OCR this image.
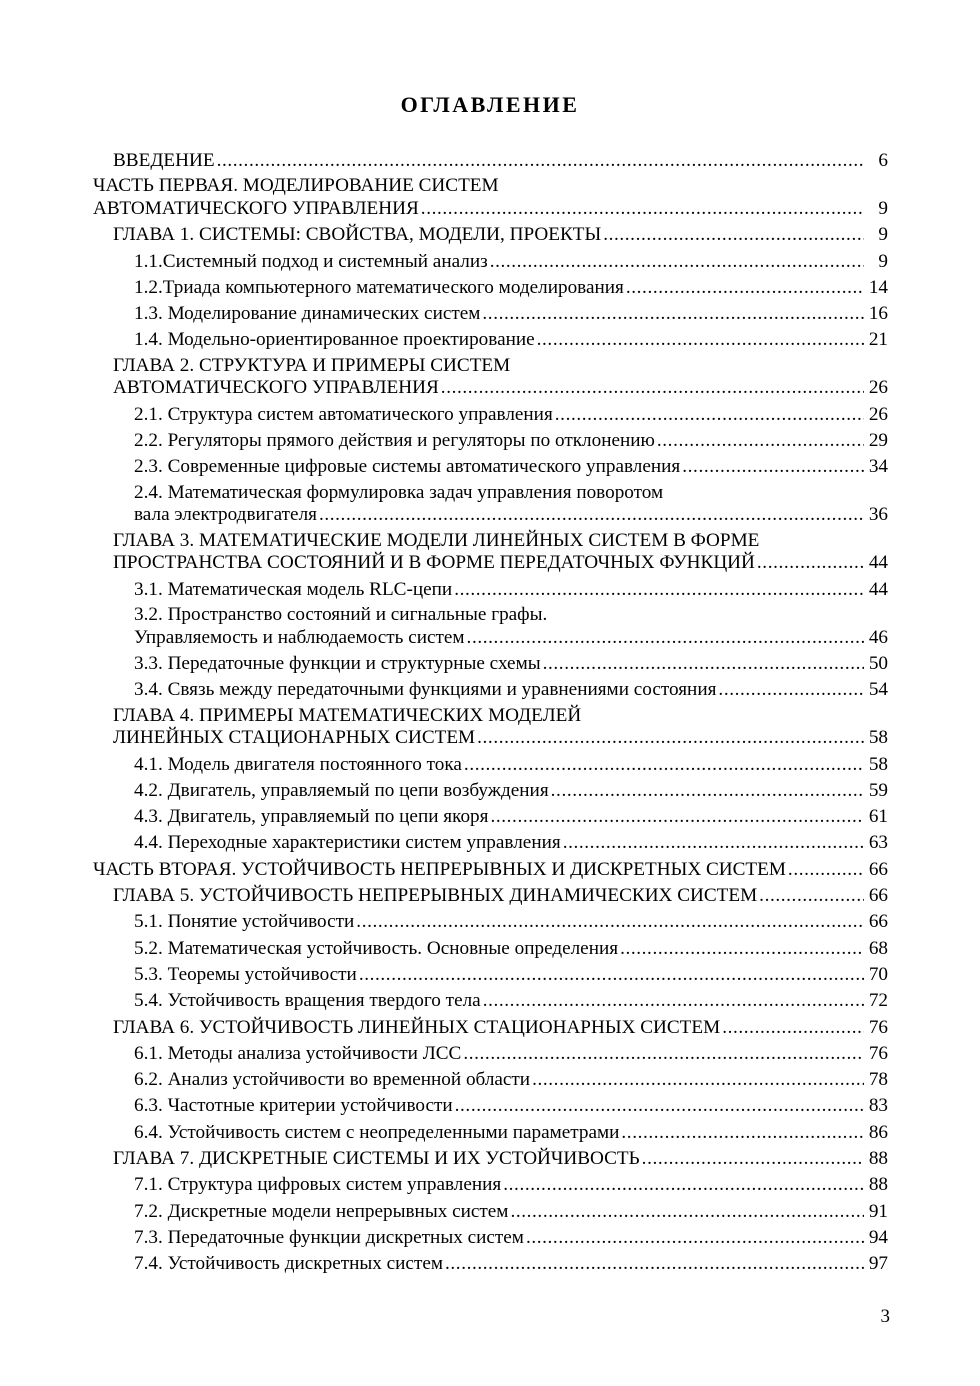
ОГЛАВЛЕНИЕ
ВВЕДЕНИЕ .....	6
ЧАСТЬ ПЕРВАЯ. МОДЕЛИРОВАНИЕ СИСТЕМ
АВТОМАТИЧЕСКОГО УПРАВЛЕНИЯ .....	9
ГЛАВА 1. СИСТЕМЫ: СВОЙСТВА, МОДЕЛИ, ПРОЕКТЫ .....	9
1.1.Системный подход и системный анализ .....	9
1.2.Триада компьютерного математического моделирования .....	14
1.3. Моделирование динамических систем .....	16
1.4. Модельно-ориентированное проектирование .....	21
ГЛАВА 2. СТРУКТУРА И ПРИМЕРЫ СИСТЕМ
АВТОМАТИЧЕСКОГО УПРАВЛЕНИЯ .....	26
2.1. Структура систем автоматического управления .....	26
2.2. Регуляторы прямого действия и регуляторы по отклонению .....	29
2.3. Современные цифровые системы автоматического управления .....	34
2.4. Математическая формулировка задач управления поворотом
вала электродвигателя .....	36
ГЛАВА 3. МАТЕМАТИЧЕСКИЕ МОДЕЛИ ЛИНЕЙНЫХ СИСТЕМ В ФОРМЕ
ПРОСТРАНСТВА СОСТОЯНИЙ И В ФОРМЕ ПЕРЕДАТОЧНЫХ ФУНКЦИЙ .....	44
3.1. Математическая модель RLC-цепи .....	44
3.2. Пространство состояний и сигнальные графы.
Управляемость и наблюдаемость систем .....	46
3.3. Передаточные функции и структурные схемы .....	50
3.4. Связь между передаточными функциями и уравнениями состояния .....	54
ГЛАВА 4. ПРИМЕРЫ МАТЕМАТИЧЕСКИХ МОДЕЛЕЙ
ЛИНЕЙНЫХ СТАЦИОНАРНЫХ СИСТЕМ .....	58
4.1. Модель двигателя постоянного тока .....	58
4.2. Двигатель, управляемый по цепи возбуждения .....	59
4.3. Двигатель, управляемый по цепи якоря .....	61
4.4. Переходные характеристики систем управления .....	63
ЧАСТЬ ВТОРАЯ. УСТОЙЧИВОСТЬ НЕПРЕРЫВНЫХ И ДИСКРЕТНЫХ СИСТЕМ .....	66
ГЛАВА 5. УСТОЙЧИВОСТЬ НЕПРЕРЫВНЫХ ДИНАМИЧЕСКИХ СИСТЕМ .....	66
5.1. Понятие устойчивости .....	66
5.2. Математическая устойчивость. Основные определения .....	68
5.3. Теоремы устойчивости .....	70
5.4. Устойчивость вращения твердого тела .....	72
ГЛАВА 6. УСТОЙЧИВОСТЬ ЛИНЕЙНЫХ СТАЦИОНАРНЫХ СИСТЕМ .....	76
6.1. Методы анализа устойчивости ЛСС .....	76
6.2. Анализ устойчивости во временной области .....	78
6.3. Частотные критерии устойчивости .....	83
6.4. Устойчивость систем с неопределенными параметрами .....	86
ГЛАВА 7. ДИСКРЕТНЫЕ СИСТЕМЫ И ИХ УСТОЙЧИВОСТЬ .....	88
7.1. Структура цифровых систем управления .....	88
7.2. Дискретные модели непрерывных систем .....	91
7.3. Передаточные функции дискретных систем .....	94
7.4. Устойчивость дискретных систем .....	97
3
